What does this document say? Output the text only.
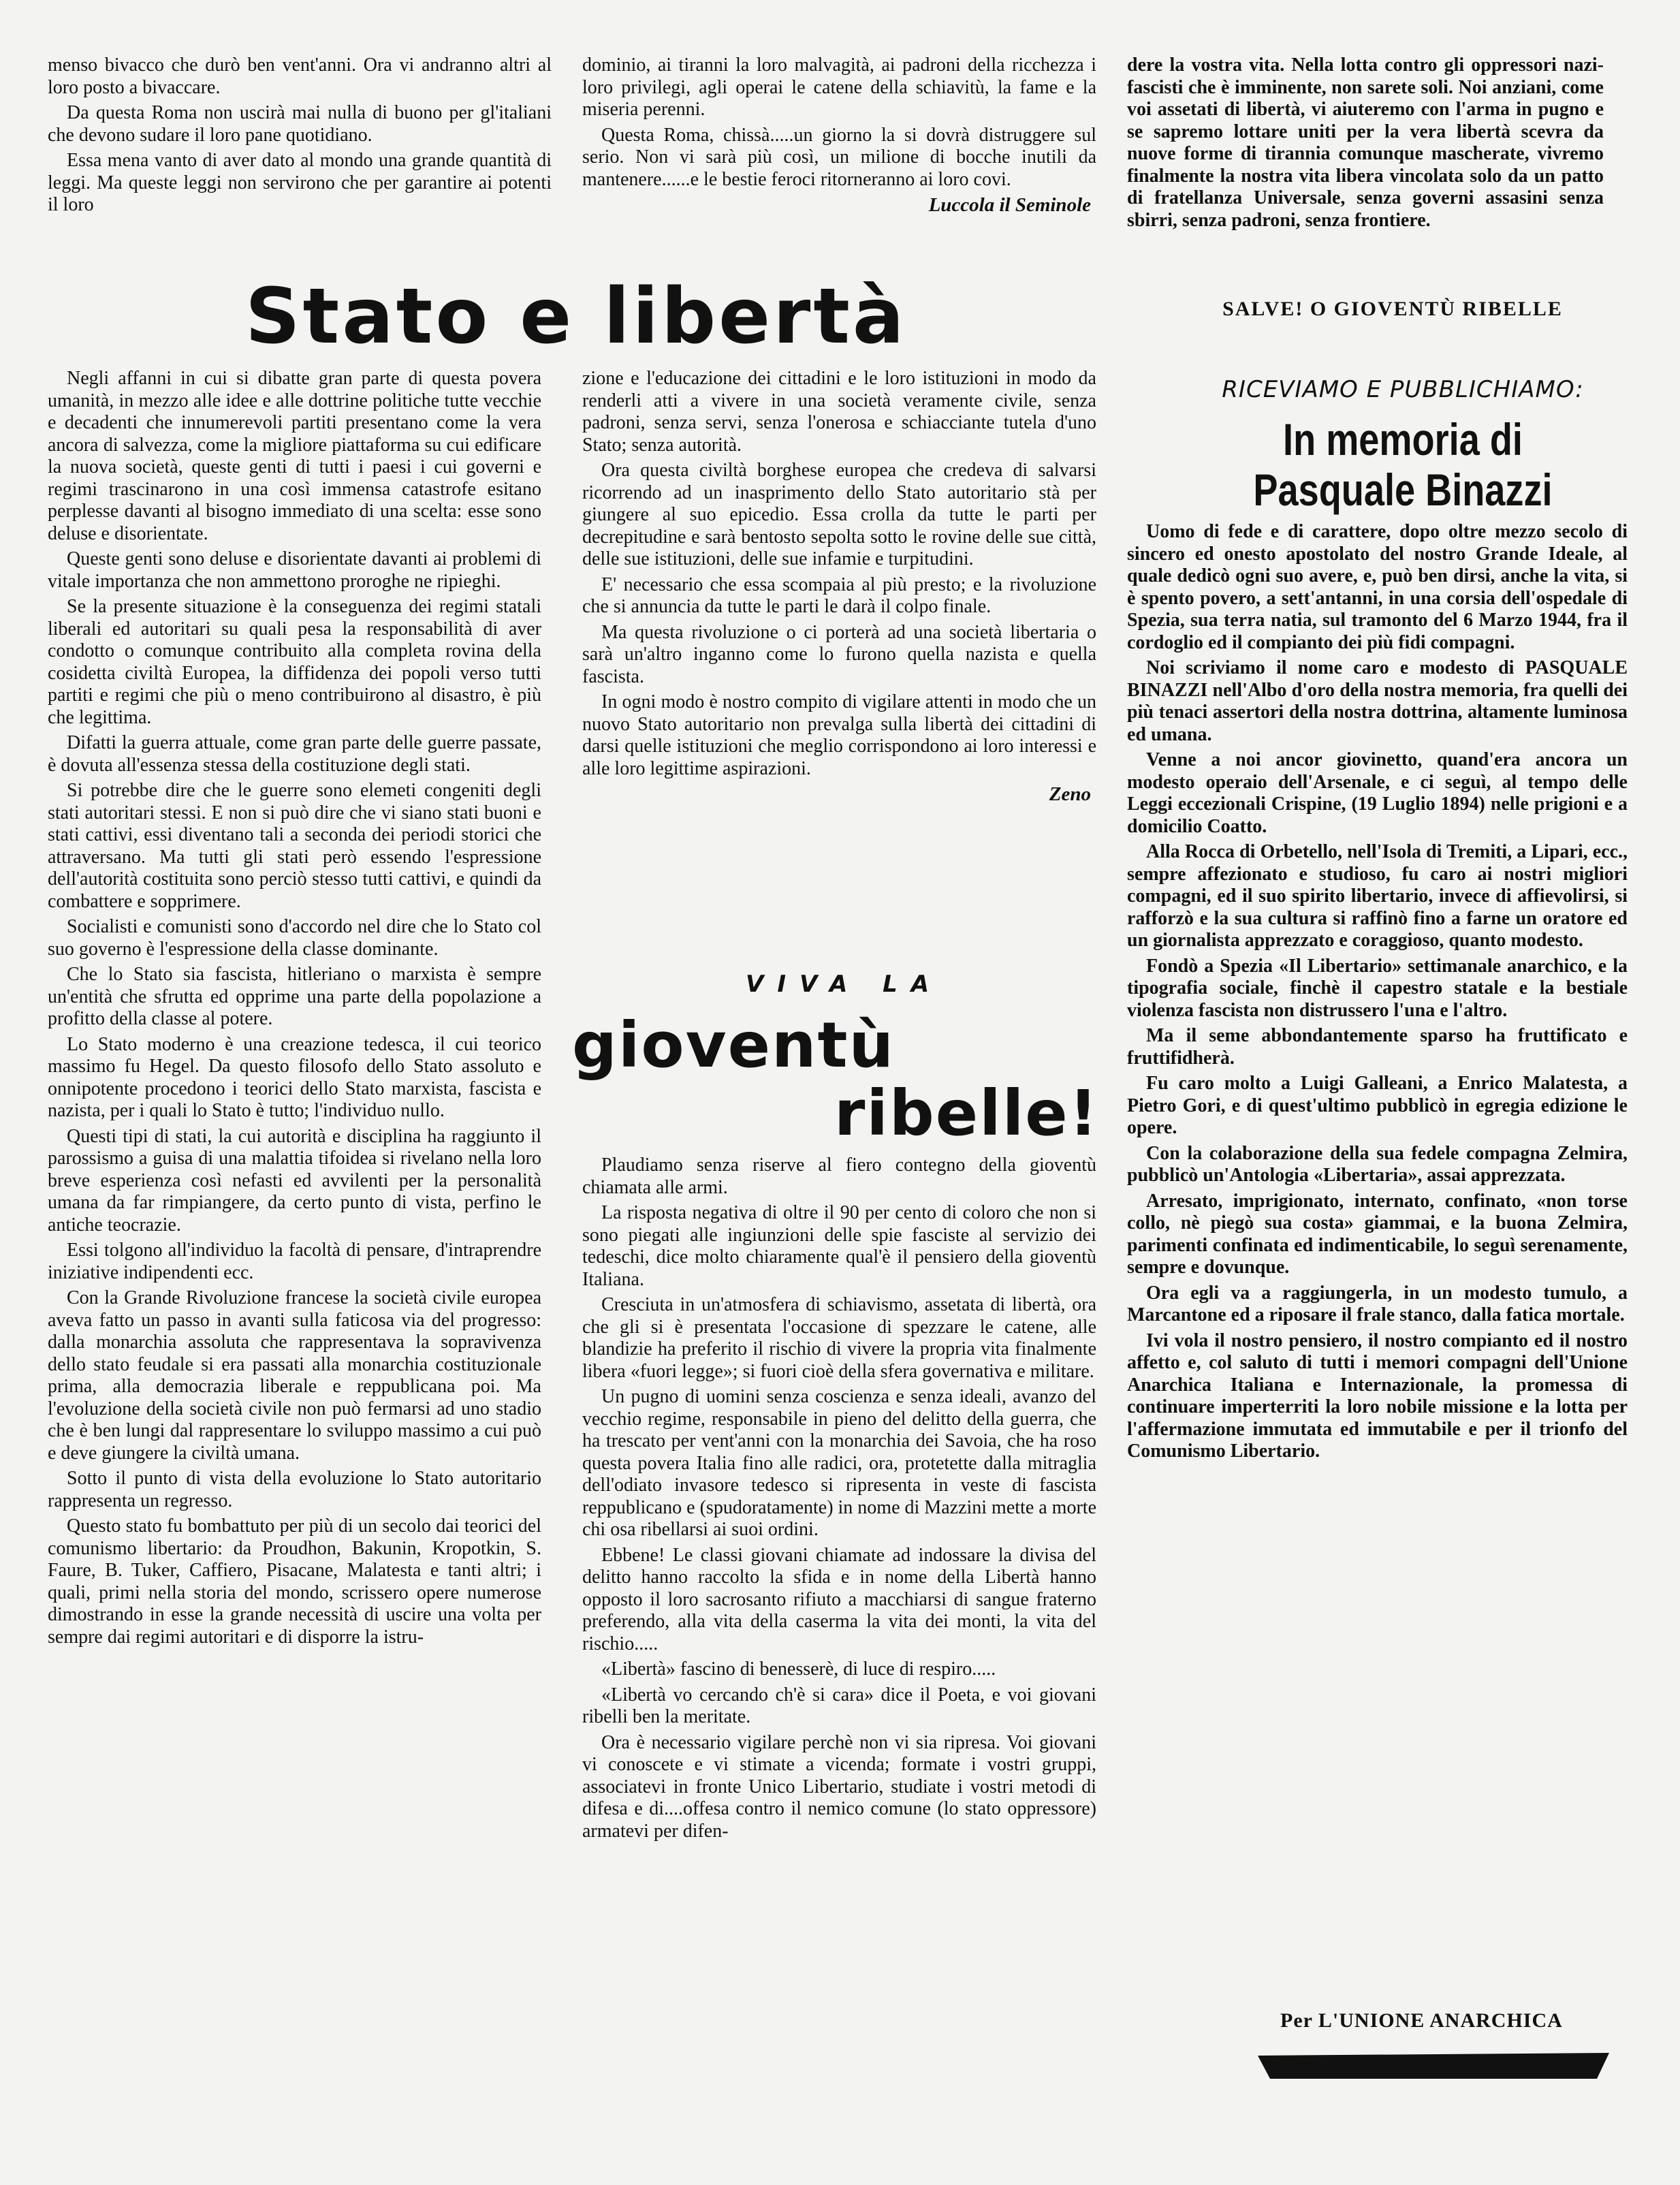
menso bivacco che durò ben vent'anni. Ora vi andranno altri al loro posto a bivaccare.

Da questa Roma non uscirà mai nulla di buono per gl'italiani che devono sudare il loro pane quotidiano.

Essa mena vanto di aver dato al mondo una grande quantità di leggi. Ma queste leggi non servirono che per garantire ai potenti il loro

dominio, ai tiranni la loro malvagità, ai padroni della ricchezza i loro privilegi, agli operai le catene della schiavitù, la fame e la miseria perenni.

Questa Roma, chissà.....un giorno la si dovrà distruggere sul serio. Non vi sarà più così, un milione di bocche inutili da mantenere......e le bestie feroci ritorneranno ai loro covi.

Luccola il Seminole

dere la vostra vita. Nella lotta contro gli oppressori nazi-fascisti che è imminente, non sarete soli. Noi anziani, come voi assetati di libertà, vi aiuteremo con l'arma in pugno e se sapremo lottare uniti per la vera libertà scevra da nuove forme di tirannia comunque mascherate, vivremo finalmente la nostra vita libera vincolata solo da un patto di fratellanza Universale, senza governi assasini senza sbirri, senza padroni, senza frontiere.

SALVE! O GIOVENTÙ RIBELLE
Stato e libertà

Negli affanni in cui si dibatte gran parte di questa povera umanità, in mezzo alle idee e alle dottrine politiche tutte vecchie e decadenti che innumerevoli partiti presentano come la vera ancora di salvezza, come la migliore piattaforma su cui edificare la nuova società, queste genti di tutti i paesi i cui governi e regimi trascinarono in una così immensa catastrofe esitano perplesse davanti al bisogno immediato di una scelta: esse sono deluse e disorientate.

Queste genti sono deluse e disorientate davanti ai problemi di vitale importanza che non ammettono proroghe ne ripieghi.

Se la presente situazione è la conseguenza dei regimi statali liberali ed autoritari su quali pesa la responsabilità di aver condotto o comunque contribuito alla completa rovina della cosidetta civiltà Europea, la diffidenza dei popoli verso tutti partiti e regimi che più o meno contribuirono al disastro, è più che legittima.

Difatti la guerra attuale, come gran parte delle guerre passate, è dovuta all'essenza stessa della costituzione degli stati.

Si potrebbe dire che le guerre sono elemeti congeniti degli stati autoritari stessi. E non si può dire che vi siano stati buoni e stati cattivi, essi diventano tali a seconda dei periodi storici che attraversano. Ma tutti gli stati però essendo l'espressione dell'autorità costituita sono perciò stesso tutti cattivi, e quindi da combattere e sopprimere.

Socialisti e comunisti sono d'accordo nel dire che lo Stato col suo governo è l'espressione della classe dominante.

Che lo Stato sia fascista, hitleriano o marxista è sempre un'entità che sfrutta ed opprime una parte della popolazione a profitto della classe al potere.

Lo Stato moderno è una creazione tedesca, il cui teorico massimo fu Hegel. Da questo filosofo dello Stato assoluto e onnipotente procedono i teorici dello Stato marxista, fascista e nazista, per i quali lo Stato è tutto; l'individuo nullo.

Questi tipi di stati, la cui autorità e disciplina ha raggiunto il parossismo a guisa di una malattia tifoidea si rivelano nella loro breve esperienza così nefasti ed avvilenti per la personalità umana da far rimpiangere, da certo punto di vista, perfino le antiche teocrazie.

Essi tolgono all'individuo la facoltà di pensare, d'intraprendre iniziative indipendenti ecc.

Con la Grande Rivoluzione francese la società civile europea aveva fatto un passo in avanti sulla faticosa via del progresso: dalla monarchia assoluta che rappresentava la sopravivenza dello stato feudale si era passati alla monarchia costituzionale prima, alla democrazia liberale e reppublicana poi. Ma l'evoluzione della società civile non può fermarsi ad uno stadio che è ben lungi dal rappresentare lo sviluppo massimo a cui può e deve giungere la civiltà umana.

Sotto il punto di vista della evoluzione lo Stato autoritario rappresenta un regresso.

Questo stato fu bombattuto per più di un secolo dai teorici del comunismo libertario: da Proudhon, Bakunin, Kropotkin, S. Faure, B. Tuker, Caffiero, Pisacane, Malatesta e tanti altri; i quali, primi nella storia del mondo, scrissero opere numerose dimostrando in esse la grande necessità di uscire una volta per sempre dai regimi autoritari e di disporre la istru-

zione e l'educazione dei cittadini e le loro istituzioni in modo da renderli atti a vivere in una società veramente civile, senza padroni, senza servi, senza l'onerosa e schiacciante tutela d'uno Stato; senza autorità.

Ora questa civiltà borghese europea che credeva di salvarsi ricorrendo ad un inasprimento dello Stato autoritario stà per giungere al suo epicedio. Essa crolla da tutte le parti per decrepitudine e sarà bentosto sepolta sotto le rovine delle sue città, delle sue istituzioni, delle sue infamie e turpitudini.

E' necessario che essa scompaia al più presto; e la rivoluzione che si annuncia da tutte le parti le darà il colpo finale.

Ma questa rivoluzione o ci porterà ad una società libertaria o sarà un'altro inganno come lo furono quella nazista e quella fascista.

In ogni modo è nostro compito di vigilare attenti in modo che un nuovo Stato autoritario non prevalga sulla libertà dei cittadini di darsi quelle istituzioni che meglio corrispondono ai loro interessi e alle loro legittime aspirazioni.

Zeno
VIVA LA
gioventù
ribelle!

Plaudiamo senza riserve al fiero contegno della gioventù chiamata alle armi.

La risposta negativa di oltre il 90 per cento di coloro che non si sono piegati alle ingiunzioni delle spie fasciste al servizio dei tedeschi, dice molto chiaramente qual'è il pensiero della gioventù Italiana.

Cresciuta in un'atmosfera di schiavismo, assetata di libertà, ora che gli si è presentata l'occasione di spezzare le catene, alle blandizie ha preferito il rischio di vivere la propria vita finalmente libera «fuori legge»; si fuori cioè della sfera governativa e militare.

Un pugno di uomini senza coscienza e senza ideali, avanzo del vecchio regime, responsabile in pieno del delitto della guerra, che ha trescato per vent'anni con la monarchia dei Savoia, che ha roso questa povera Italia fino alle radici, ora, protetette dalla mitraglia dell'odiato invasore tedesco si ripresenta in veste di fascista reppublicano e (spudoratamente) in nome di Mazzini mette a morte chi osa ribellarsi ai suoi ordini.

Ebbene! Le classi giovani chiamate ad indossare la divisa del delitto hanno raccolto la sfida e in nome della Libertà hanno opposto il loro sacrosanto rifiuto a macchiarsi di sangue fraterno preferendo, alla vita della caserma la vita dei monti, la vita del rischio.....

«Libertà» fascino di benesserè, di luce di respiro.....

«Libertà vo cercando ch'è si cara» dice il Poeta, e voi giovani ribelli ben la meritate.

Ora è necessario vigilare perchè non vi sia ripresa. Voi giovani vi conoscete e vi stimate a vicenda; formate i vostri gruppi, associatevi in fronte Unico Libertario, studiate i vostri metodi di difesa e di....offesa contro il nemico comune (lo stato oppressore) armatevi per difen-

RICEVIAMO E PUBBLICHIAMO:
In memoria di
Pasquale Binazzi

Uomo di fede e di carattere, dopo oltre mezzo secolo di sincero ed onesto apostolato del nostro Grande Ideale, al quale dedicò ogni suo avere, e, può ben dirsi, anche la vita, si è spento povero, a sett'antanni, in una corsia dell'ospedale di Spezia, sua terra natia, sul tramonto del 6 Marzo 1944, fra il cordoglio ed il compianto dei più fidi compagni.

Noi scriviamo il nome caro e modesto di PASQUALE BINAZZI nell'Albo d'oro della nostra memoria, fra quelli dei più tenaci assertori della nostra dottrina, altamente luminosa ed umana.

Venne a noi ancor giovinetto, quand'era ancora un modesto operaio dell'Arsenale, e ci seguì, al tempo delle Leggi eccezionali Crispine, (19 Luglio 1894) nelle prigioni e a domicilio Coatto.

Alla Rocca di Orbetello, nell'Isola di Tremiti, a Lipari, ecc., sempre affezionato e studioso, fu caro ai nostri migliori compagni, ed il suo spirito libertario, invece di affievolirsi, si rafforzò e la sua cultura si raffinò fino a farne un oratore ed un giornalista apprezzato e coraggioso, quanto modesto.

Fondò a Spezia «Il Libertario» settimanale anarchico, e la tipografia sociale, finchè il capestro statale e la bestiale violenza fascista non distrussero l'una e l'altro.

Ma il seme abbondantemente sparso ha fruttificato e fruttifidherà.

Fu caro molto a Luigi Galleani, a Enrico Malatesta, a Pietro Gori, e di quest'ultimo pubblicò in egregia edizione le opere.

Con la colaborazione della sua fedele compagna Zelmira, pubblicò un'Antologia «Libertaria», assai apprezzata.

Arresato, imprigionato, internato, confinato, «non torse collo, nè piegò sua costa» giammai, e la buona Zelmira, parimenti confinata ed indimenticabile, lo seguì serenamente, sempre e dovunque.

Ora egli va a raggiungerla, in un modesto tumulo, a Marcantone ed a riposare il frale stanco, dalla fatica mortale.

Ivi vola il nostro pensiero, il nostro compianto ed il nostro affetto e, col saluto di tutti i memori compagni dell'Unione Anarchica Italiana e Internazionale, la promessa di continuare imperterriti la loro nobile missione e la lotta per l'affermazione immutata ed immutabile e per il trionfo del Comunismo Libertario.

Per L'UNIONE ANARCHICA
